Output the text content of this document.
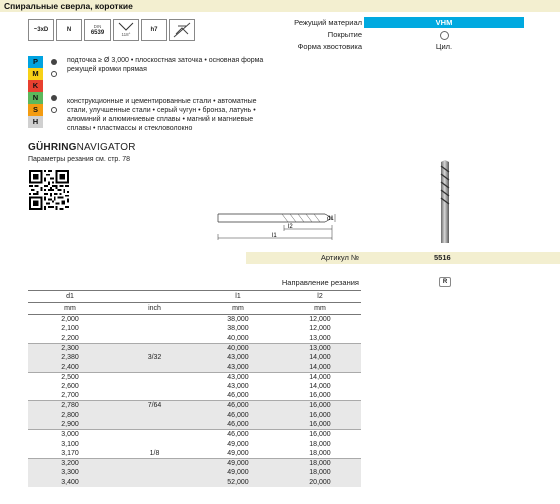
Спиральные сверла, короткие
~3xD	N	DIN
6539	118°
h7
Режущий материал	VHM
Покрытие
Форма хвостовика	Цил.
P
M
K
N
S
H
подточка ≥ Ø 3,000 • плоскостная заточка • основная форма режущей кромки прямая
конструкционные и цементированные стали • автоматные стали, улучшенные стали • серый чугун • бронза, латунь • алюминий и алюминиевые сплавы • магний и магниевые сплавы • пластмассы и стекловолокно
GÜHRINGNAVIGATOR
Параметры резания см. стр. 78
d1
l2
l1
Артикул №	5516
Направление резания	R
d1		l1	l2
mm	inch	mm	mm
2,000		38,000	12,000
2,100		38,000	12,000
2,200		40,000	13,000
2,300		40,000	13,000
2,380	3/32	43,000	14,000
2,400		43,000	14,000
2,500		43,000	14,000
2,600		43,000	14,000
2,700		46,000	16,000
2,780	7/64	46,000	16,000
2,800		46,000	16,000
2,900		46,000	16,000
3,000		46,000	16,000
3,100		49,000	18,000
3,170	1/8	49,000	18,000
3,200		49,000	18,000
3,300		49,000	18,000
3,400		52,000	20,000
